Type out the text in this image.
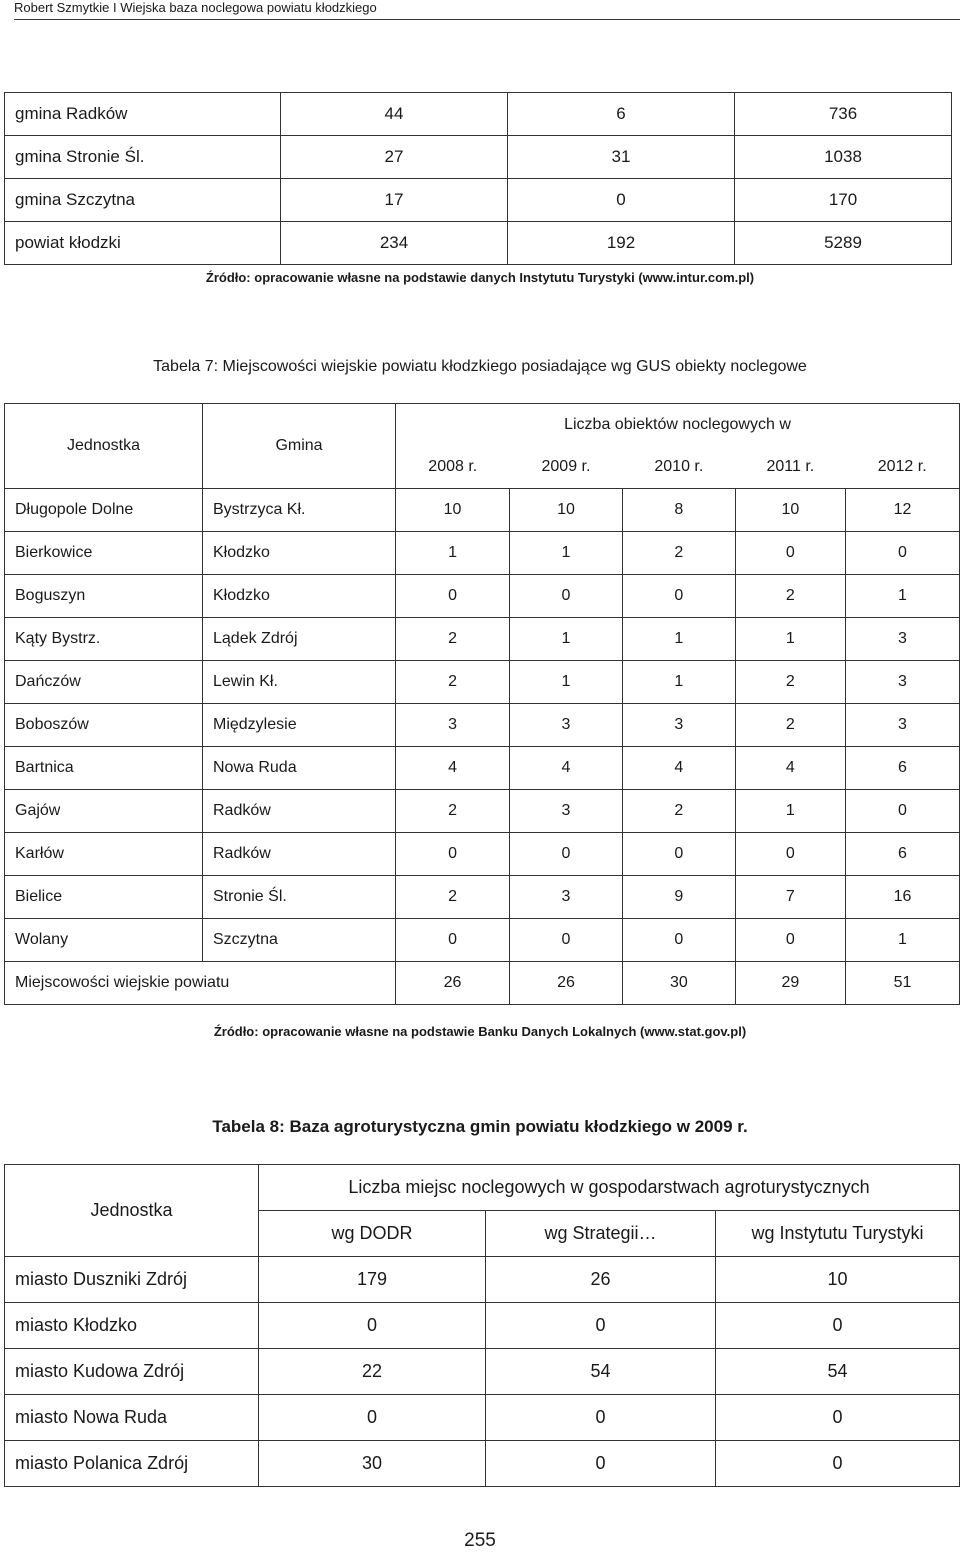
Robert Szmytkie I Wiejska baza noclegowa powiatu kłodzkiego
gmina Radków	44	6	736
gmina Stronie Śl.	27	31	1038
gmina Szczytna	17	0	170
powiat kłodzki	234	192	5289
Źródło: opracowanie własne na podstawie danych Instytutu Turystyki (www.intur.com.pl)
Tabela 7: Miejscowości wiejskie powiatu kłodzkiego posiadające wg GUS obiekty noclegowe
Jednostka	Gmina	Liczba obiektów noclegowych w				
		2008 r.	2009 r.	2010 r.	2011 r.	2012 r.
Długopole Dolne	Bystrzyca Kł.	10	10	8	10	12
Bierkowice	Kłodzko	1	1	2	0	0
Boguszyn	Kłodzko	0	0	0	2	1
Kąty Bystrz.	Lądek Zdrój	2	1	1	1	3
Dańczów	Lewin Kł.	2	1	1	2	3
Boboszów	Międzylesie	3	3	3	2	3
Bartnica	Nowa Ruda	4	4	4	4	6
Gajów	Radków	2	3	2	1	0
Karłów	Radków	0	0	0	0	6
Bielice	Stronie Śl.	2	3	9	7	16
Wolany	Szczytna	0	0	0	0	1
Miejscowości wiejskie powiatu		26	26	30	29	51
Źródło: opracowanie własne na podstawie Banku Danych Lokalnych (www.stat.gov.pl)
Tabela 8: Baza agroturystyczna gmin powiatu kłodzkiego w 2009 r.
Jednostka	Liczba miejsc noclegowych w gospodarstwach agroturystycznych		
	wg DODR	wg Strategii…	wg Instytutu Turystyki
miasto Duszniki Zdrój	179	26	10
miasto Kłodzko	0	0	0
miasto Kudowa Zdrój	22	54	54
miasto Nowa Ruda	0	0	0
miasto Polanica Zdrój	30	0	0
255
